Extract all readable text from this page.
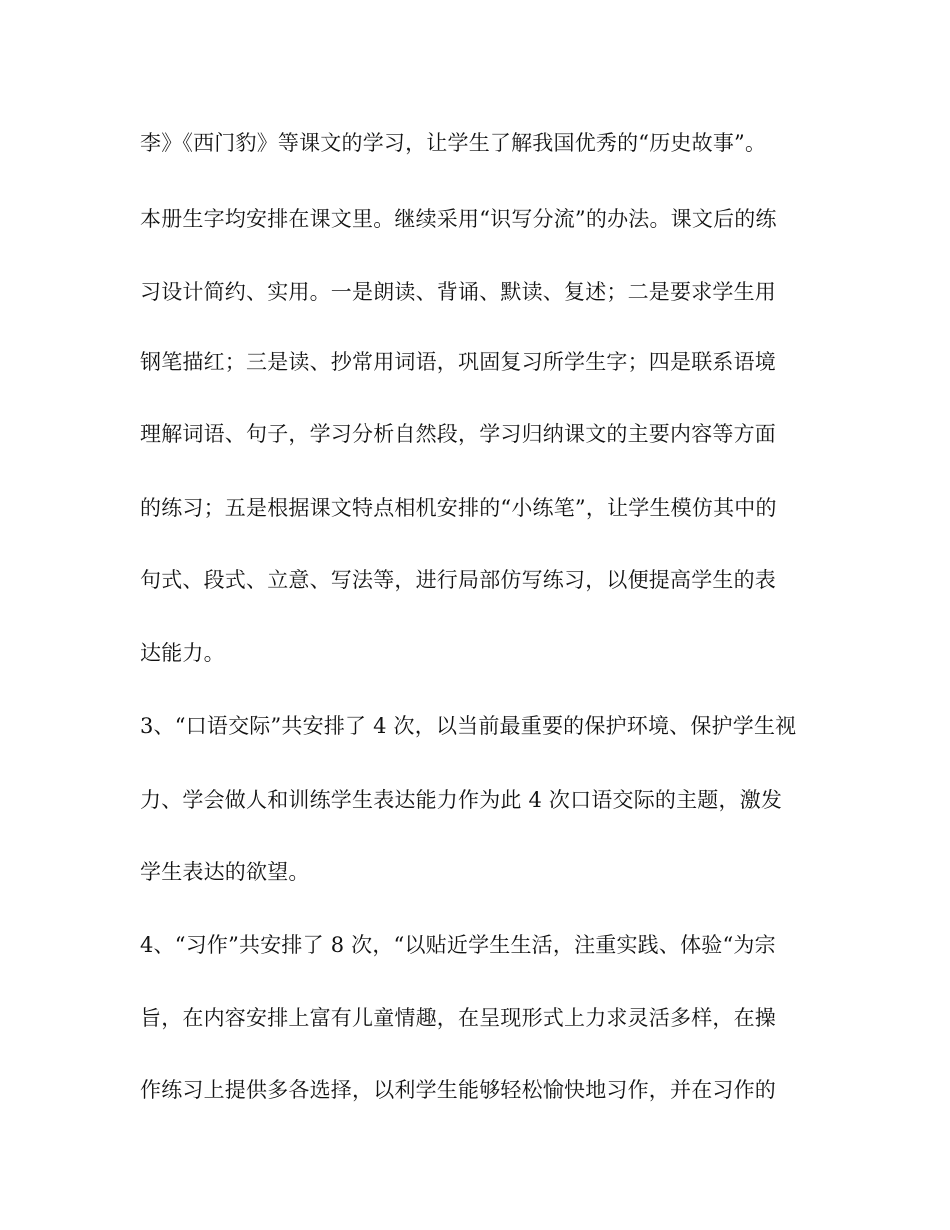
李》《西门豹》等课文的学习，让学生了解我国优秀的“历史故事”。
本册生字均安排在课文里。继续采用“识写分流”的办法。课文后的练
习设计简约、实用。一是朗读、背诵、默读、复述；二是要求学生用
钢笔描红；三是读、抄常用词语，巩固复习所学生字；四是联系语境
理解词语、句子，学习分析自然段，学习归纳课文的主要内容等方面
的练习；五是根据课文特点相机安排的“小练笔”，让学生模仿其中的
句式、段式、立意、写法等，进行局部仿写练习，以便提高学生的表
达能力。
3、“口语交际”共安排了 4 次，以当前最重要的保护环境、保护学生视
力、学会做人和训练学生表达能力作为此 4 次口语交际的主题，激发
学生表达的欲望。
4、“习作”共安排了 8 次，“以贴近学生生活，注重实践、体验“为宗
旨，在内容安排上富有儿童情趣，在呈现形式上力求灵活多样，在操
作练习上提供多各选择，以利学生能够轻松愉快地习作，并在习作的
